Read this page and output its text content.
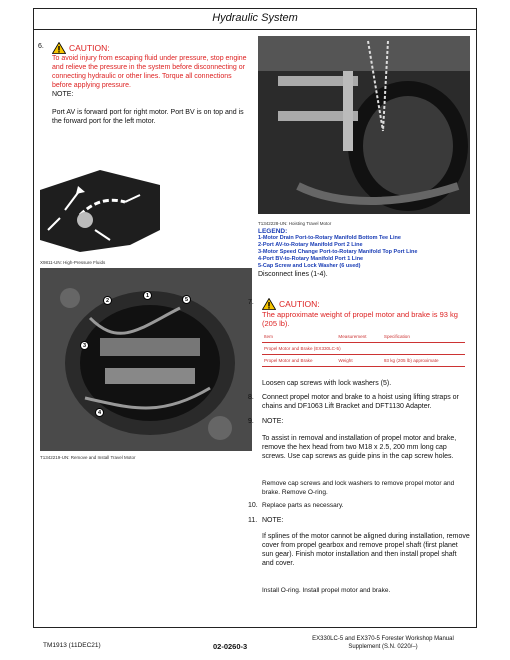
Hydraulic System
6.	CAUTION:
To avoid injury from escaping fluid under pressure, stop engine and relieve the pressure in the system before disconnecting or connecting hydraulic or other lines. Torque all connections before applying pressure.
NOTE:
Port AV is forward port for right motor. Port BV is on top and is the forward port for the left motor.
X9811-UN: High-Pressure Fluids
2
1
5
3
4
T1342219-UN: Remove and Install Travel Motor
T1342228-UN: Hoisting Travel Motor
LEGEND:
1-Motor Drain Port-to-Rotary Manifold Bottom Tee Line
2-Port AV-to-Rotary Manifold Port 2 Line
3-Motor Speed Change Port-to-Rotary Manifold Top Port Line
4-Port BV-to-Rotary Manifold Port 1 Line
5-Cap Screw and Lock Washer (6 used)
Disconnect lines (1-4).
7.	CAUTION:
The approximate weight of propel motor and brake is 93 kg (205 lb).
Item	Measurement	Specification
Propel Motor and Brake (EX330LC-5)		
Propel Motor and Brake	Weight	93 kg (205 lb) approximate
Loosen cap screws with lock washers (5).
8. Connect propel motor and brake to a hoist using lifting straps or chains and DF1063 Lift Bracket and DFT1130 Adapter.
9. NOTE:
To assist in removal and installation of propel motor and brake, remove the hex head from two M18 x 2.5, 200 mm long cap screws. Use cap screws as guide pins in the cap screw holes.
Remove cap screws and lock washers to remove propel motor and brake. Remove O-ring.
10. Replace parts as necessary.
11. NOTE:
If splines of the motor cannot be aligned during installation, remove cover from propel gearbox and remove propel shaft (first planet sun gear). Finish motor installation and then install propel shaft and cover.
Install O-ring. Install propel motor and brake.
TM1913 (11DEC21)	02-0260-3
EX330LC-5 and EX370-5 Forester Workshop Manual
Supplement (S.N. 0220/–)
